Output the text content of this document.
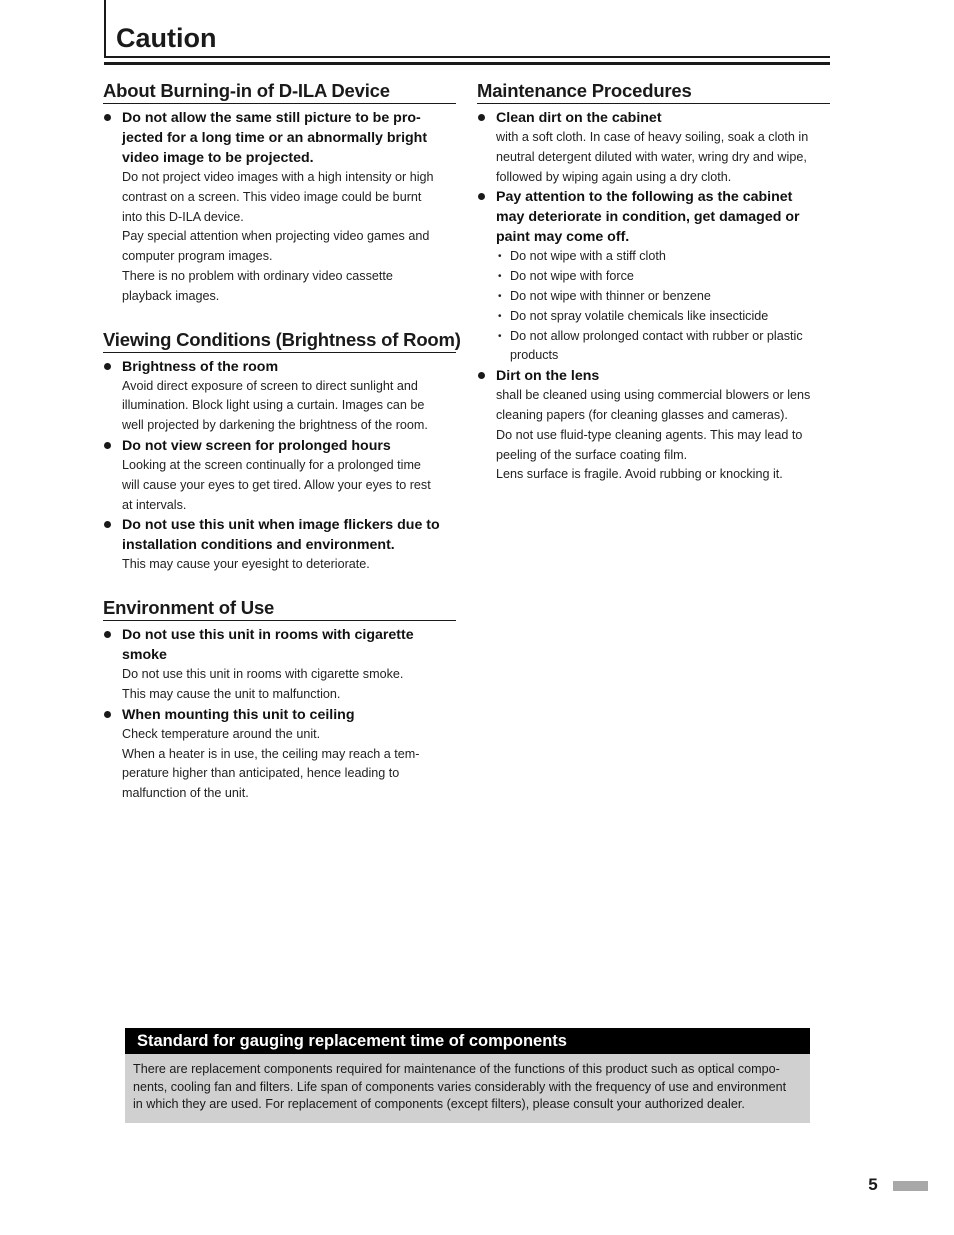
Caution
About Burning-in of D-ILA Device
Do not allow the same still picture to be pro-
jected for a long time or an abnormally bright
video image to be projected.
Do not project video images with a high intensity or high
contrast on a screen. This video image could be burnt
into this D-ILA device.
Pay special attention when projecting video games and
computer program images.
There is no problem with ordinary video cassette
playback images.
Viewing Conditions (Brightness of Room)
Brightness of the room
Avoid direct exposure of screen to direct sunlight and
illumination. Block light using a curtain. Images can be
well projected by darkening the brightness of the room.
Do not view screen for prolonged hours
Looking at the screen continually for a prolonged time
will cause your eyes to get tired. Allow your eyes to rest
at intervals.
Do not use this unit when image flickers due to
installation conditions and environment.
This may cause your eyesight to deteriorate.
Environment of Use
Do not use this unit in rooms with cigarette
smoke
Do not use this unit in rooms with cigarette smoke.
This may cause the unit to malfunction.
When mounting this unit to ceiling
Check temperature around the unit.
When a heater is in use, the ceiling may reach a tem-
perature higher than anticipated, hence leading to
malfunction of the unit.
Maintenance Procedures
Clean dirt on the cabinet
with a soft cloth. In case of heavy soiling, soak a cloth in
neutral detergent diluted with water, wring dry and wipe,
followed by wiping again using a dry cloth.
Pay attention to the following as the cabinet
may deteriorate in condition, get damaged or
paint may come off.
• Do not wipe with a stiff cloth
• Do not wipe with force
• Do not wipe with thinner or benzene
• Do not spray volatile chemicals like insecticide
• Do not allow prolonged contact with rubber or plastic
products
Dirt on the lens
shall be cleaned using using commercial blowers or lens
cleaning papers (for cleaning glasses and cameras).
Do not use fluid-type cleaning agents. This may lead to
peeling of the surface coating film.
Lens surface is fragile. Avoid rubbing or knocking it.
Standard for gauging replacement time of components
There are replacement components required for maintenance of the functions of this product such as optical compo-
nents, cooling fan and filters. Life span of components varies considerably with the frequency of use and environment
in which they are used. For replacement of components (except filters), please consult your authorized dealer.
5
